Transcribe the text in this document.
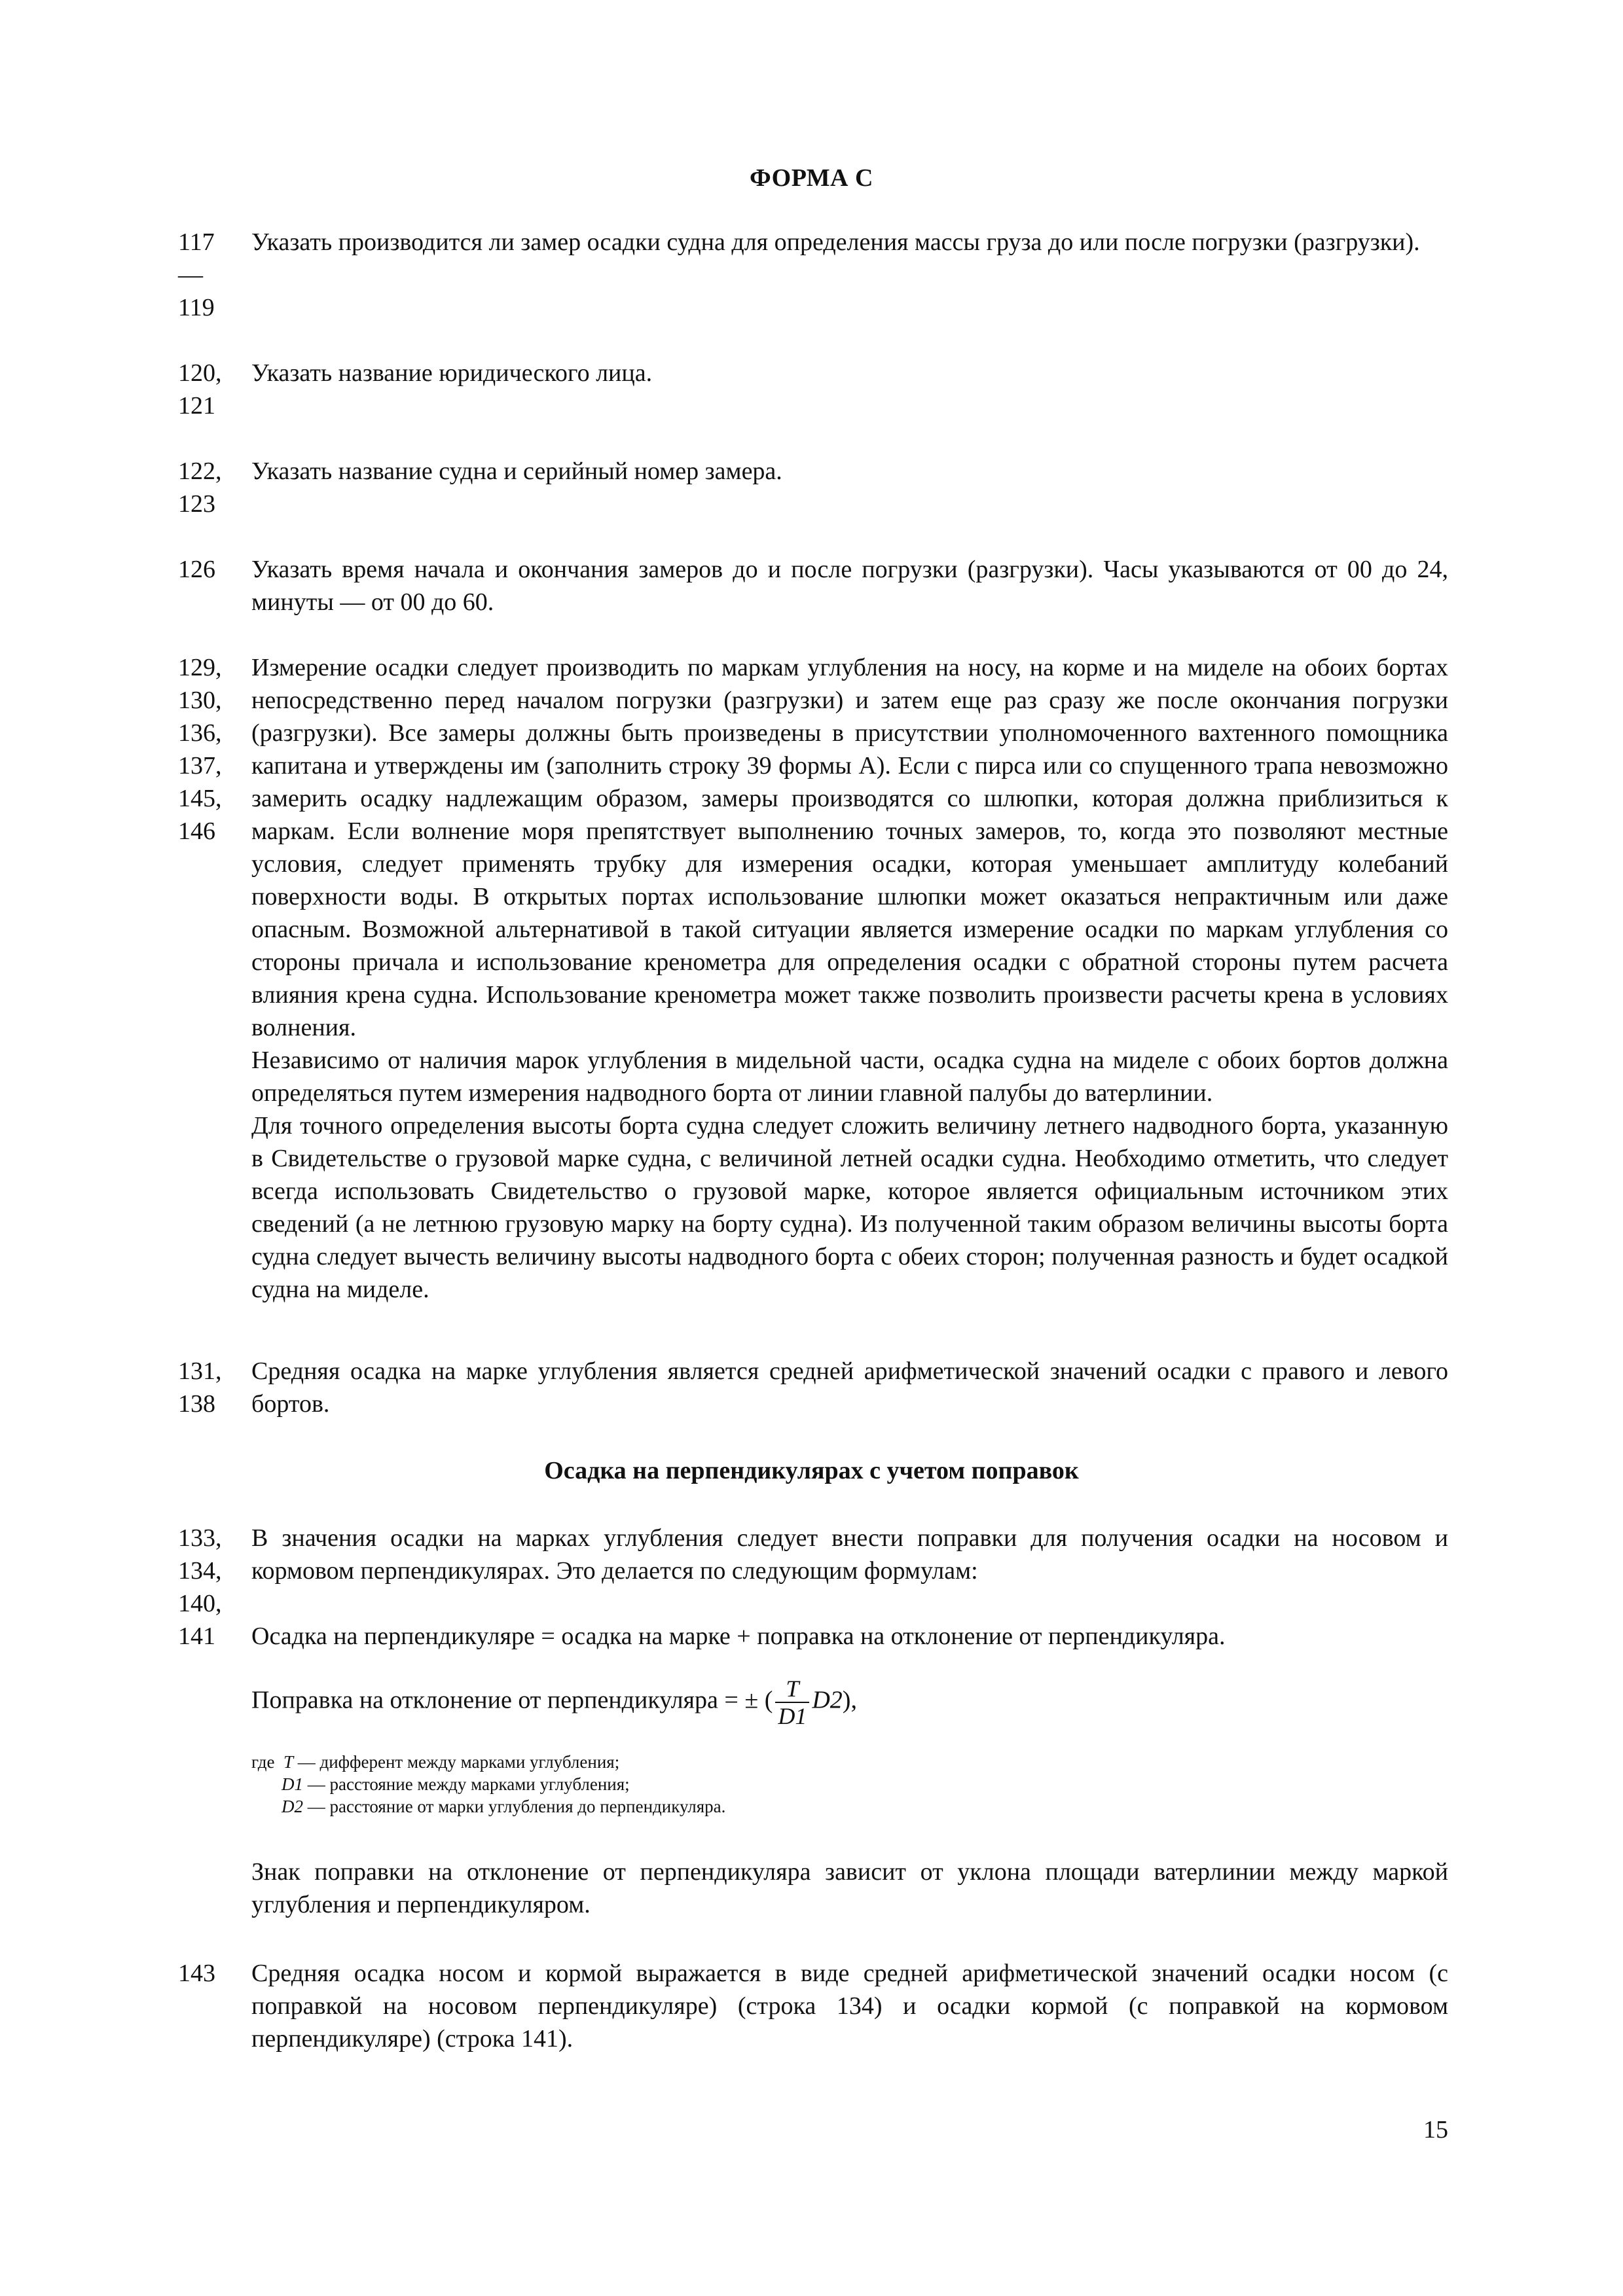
ФОРМА С
117
—
119

Указать производится ли замер осадки судна для определения массы груза до или после погрузки (разгрузки).

120,
121

Указать название юридического лица.

122,
123

Указать название судна и серийный номер замера.

126	Указать время начала и окончания замеров до и после погрузки (разгрузки). Часы указываются от 00 до 24, минуты — от 00 до 60.

129,
130,
136,
137,
145,
146

Измерение осадки следует производить по маркам углубления на носу, на корме и на миделе на обоих бортах непосредственно перед началом погрузки (разгрузки) и затем еще раз сразу же после окончания погрузки (разгрузки). Все замеры должны быть произведены в присутствии уполномоченного вахтенного помощника капитана и утверждены им (заполнить строку 39 формы А). Если с пирса или со спущенного трапа невозможно замерить осадку надлежащим образом, замеры производятся со шлюпки, которая должна приблизиться к маркам. Если волнение моря препятствует выполнению точных замеров, то, когда это позволяют местные условия, следует применять трубку для измерения осадки, которая уменьшает амплитуду колебаний поверхности воды. В открытых портах использование шлюпки может оказаться непрактичным или даже опасным. Возможной альтернативой в такой ситуации является измерение осадки по маркам углубления со стороны причала и использование кренометра для определения осадки с обратной стороны путем расчета влияния крена судна. Использование кренометра может также позволить произвести расчеты крена в условиях волнения.

Независимо от наличия марок углубления в мидельной части, осадка судна на миделе с обоих бортов должна определяться путем измерения надводного борта от линии главной палубы до ватерлинии.

Для точного определения высоты борта судна следует сложить величину летнего надводного борта, указанную в Свидетельстве о грузовой марке судна, с величиной летней осадки судна. Необходимо отметить, что следует всегда использовать Свидетельство о грузовой марке, которое является официальным источником этих сведений (а не летнюю грузовую марку на борту судна). Из полученной таким образом величины высоты борта судна следует вычесть величину высоты надводного борта с обеих сторон; полученная разность и будет осадкой судна на миделе.

131,
138

Средняя осадка на марке углубления является средней арифметической значений осадки с правого и левого бортов.

Осадка на перпендикулярах с учетом поправок
133,
134,
140,
141

В значения осадки на марках углубления следует внести поправки для получения осадки на носовом и кормовом перпендикулярах. Это делается по следующим формулам:

Осадка на перпендикуляре = осадка на марке + поправка на отклонение от перпендикуляра.

Поправка на отклонение от перпендикуляра = ± ( $\frac{T}{D1} D2$),
где T — дифферент между марками углубления;
D1 — расстояние между марками углубления;
D2 — расстояние от марки углубления до перпендикуляра.

Знак поправки на отклонение от перпендикуляра зависит от уклона площади ватерлинии между маркой углубления и перпендикуляром.

143	Средняя осадка носом и кормой выражается в виде средней арифметической значений осадки носом (с поправкой на носовом перпендикуляре) (строка 134) и осадки кормой (с поправкой на кормовом перпендикуляре) (строка 141).

15
